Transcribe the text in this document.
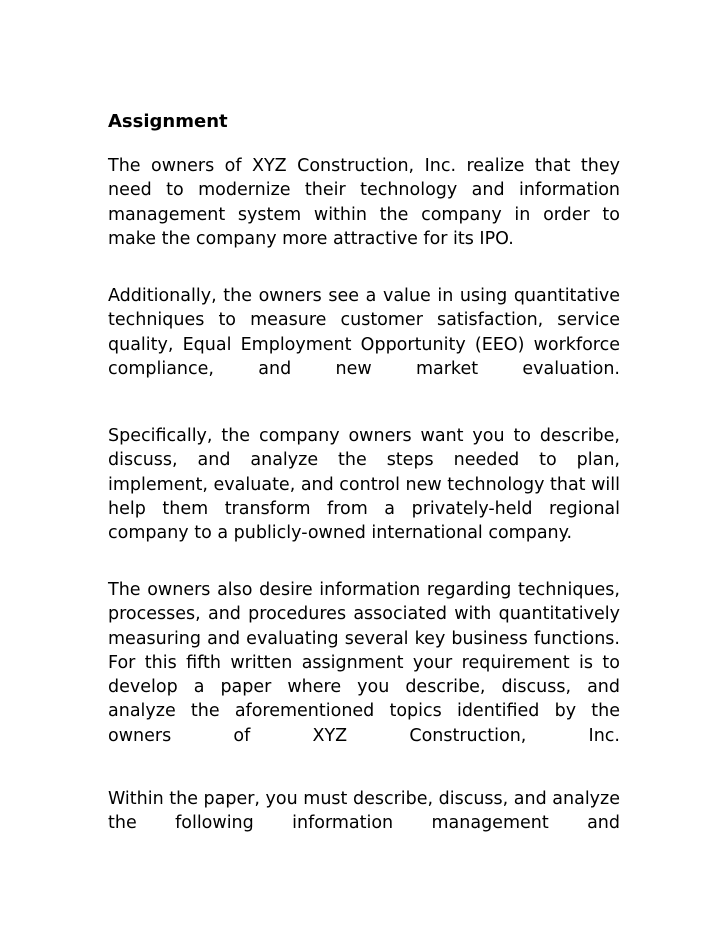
Assignment

The owners of XYZ Construction, Inc. realize that they need to modernize their technology and information management system within the company in order to make the company more attractive for its IPO.

Additionally, the owners see a value in using quantitative techniques to measure customer satisfaction, service quality, Equal Employment Opportunity (EEO) workforce compliance, and new market evaluation.

Specifically, the company owners want you to describe, discuss, and analyze the steps needed to plan, implement, evaluate, and control new technology that will help them transform from a privately-held regional company to a publicly-owned international company.

The owners also desire information regarding techniques, processes, and procedures associated with quantitatively measuring and evaluating several key business functions. For this fifth written assignment your requirement is to develop a paper where you describe, discuss, and analyze the aforementioned topics identified by the owners of XYZ Construction, Inc.

Within the paper, you must describe, discuss, and analyze the following information management and
